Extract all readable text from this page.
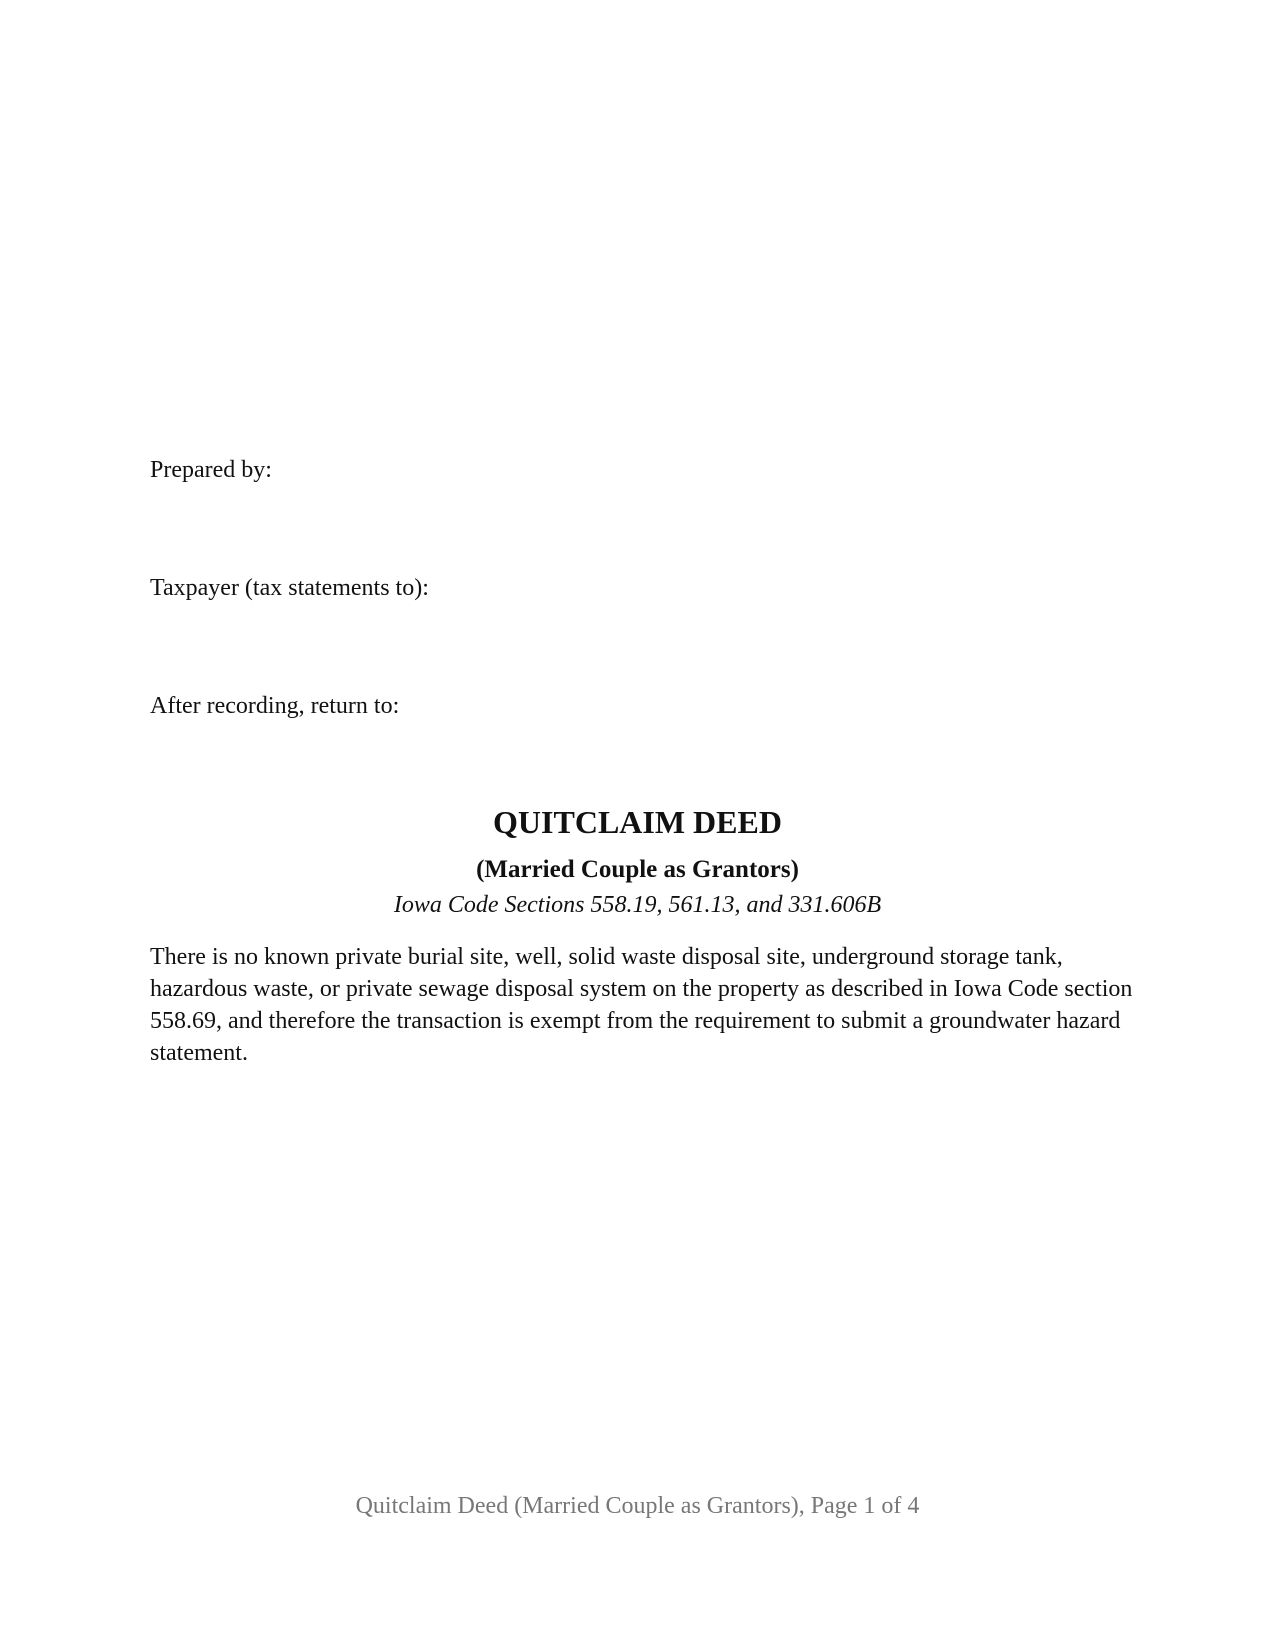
Prepared by:
Taxpayer (tax statements to):
After recording, return to:
QUITCLAIM DEED
(Married Couple as Grantors)
Iowa Code Sections 558.19, 561.13, and 331.606B

There is no known private burial site, well, solid waste disposal site, underground storage tank, hazardous waste, or private sewage disposal system on the property as described in Iowa Code section 558.69, and therefore the transaction is exempt from the requirement to submit a groundwater hazard statement.

Quitclaim Deed (Married Couple as Grantors), Page 1 of 4
